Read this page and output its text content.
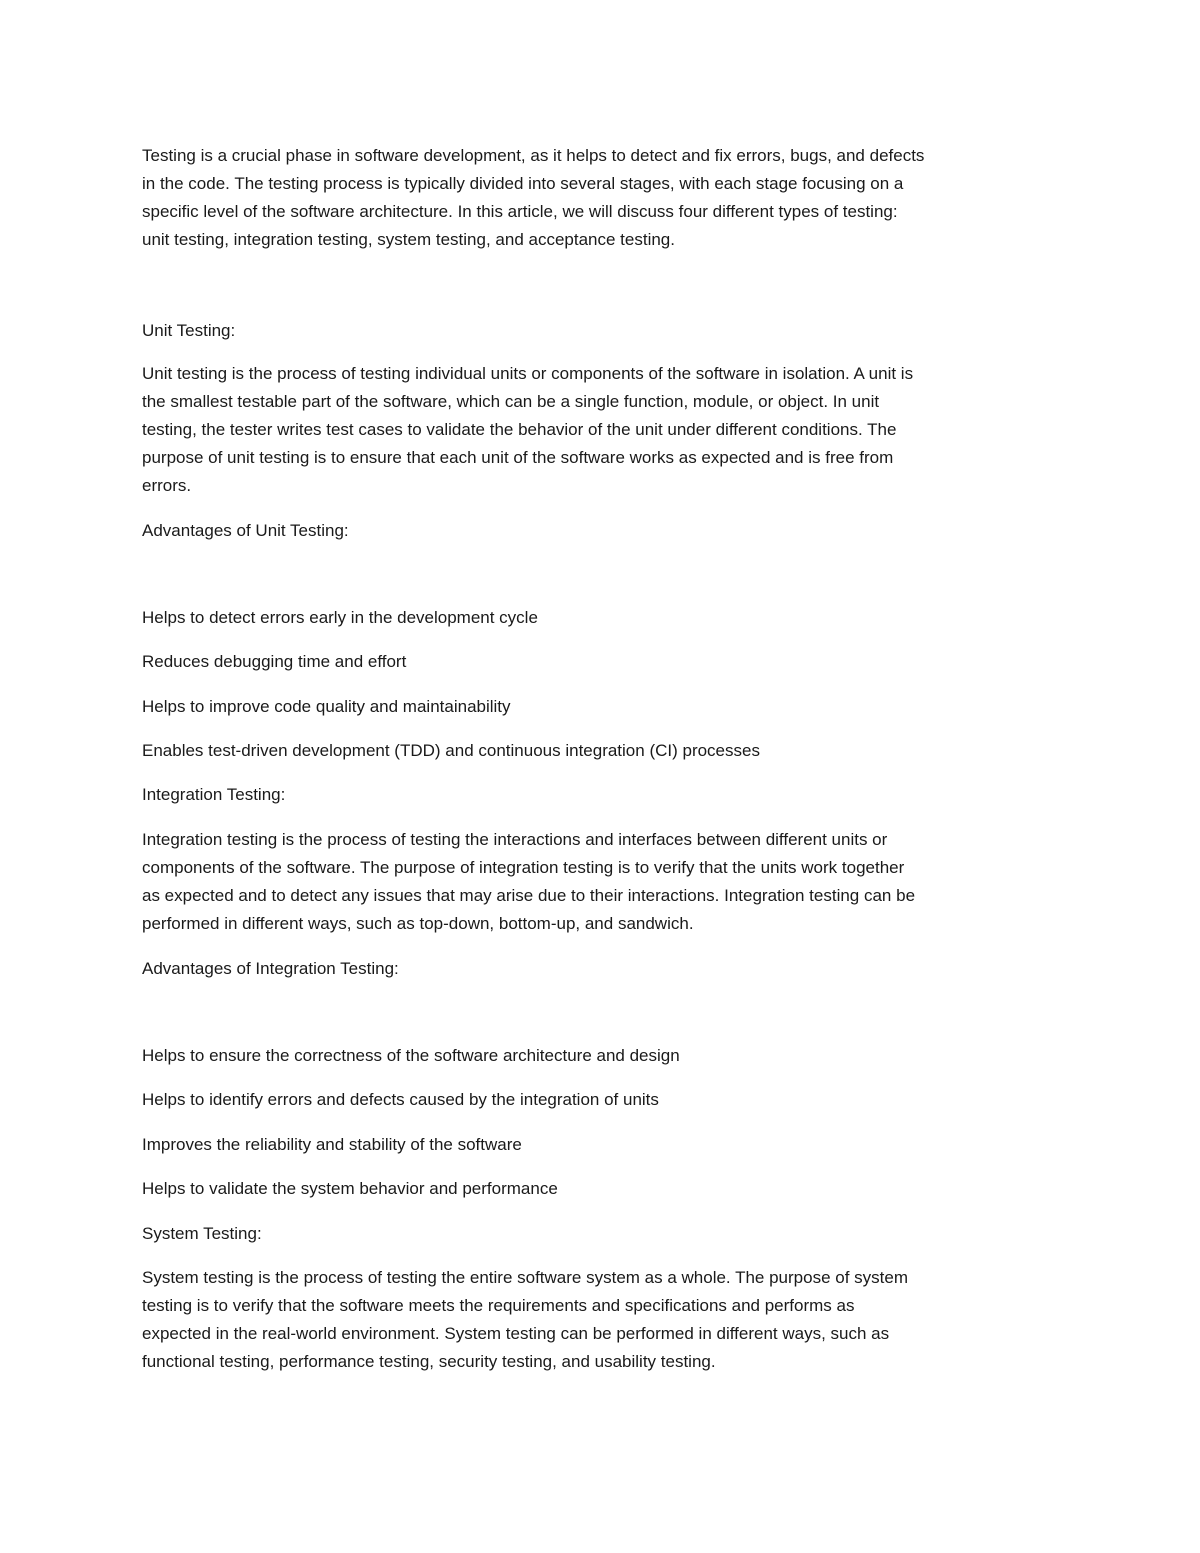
Testing is a crucial phase in software development, as it helps to detect and fix errors, bugs, and defects

in the code. The testing process is typically divided into several stages, with each stage focusing on a

specific level of the software architecture. In this article, we will discuss four different types of testing:

unit testing, integration testing, system testing, and acceptance testing.

Unit Testing:

Unit testing is the process of testing individual units or components of the software in isolation. A unit is

the smallest testable part of the software, which can be a single function, module, or object. In unit

testing, the tester writes test cases to validate the behavior of the unit under different conditions. The

purpose of unit testing is to ensure that each unit of the software works as expected and is free from

errors.

Advantages of Unit Testing:

Helps to detect errors early in the development cycle

Reduces debugging time and effort

Helps to improve code quality and maintainability

Enables test-driven development (TDD) and continuous integration (CI) processes

Integration Testing:

Integration testing is the process of testing the interactions and interfaces between different units or

components of the software. The purpose of integration testing is to verify that the units work together

as expected and to detect any issues that may arise due to their interactions. Integration testing can be

performed in different ways, such as top-down, bottom-up, and sandwich.

Advantages of Integration Testing:

Helps to ensure the correctness of the software architecture and design

Helps to identify errors and defects caused by the integration of units

Improves the reliability and stability of the software

Helps to validate the system behavior and performance

System Testing:

System testing is the process of testing the entire software system as a whole. The purpose of system

testing is to verify that the software meets the requirements and specifications and performs as

expected in the real-world environment. System testing can be performed in different ways, such as

functional testing, performance testing, security testing, and usability testing.
